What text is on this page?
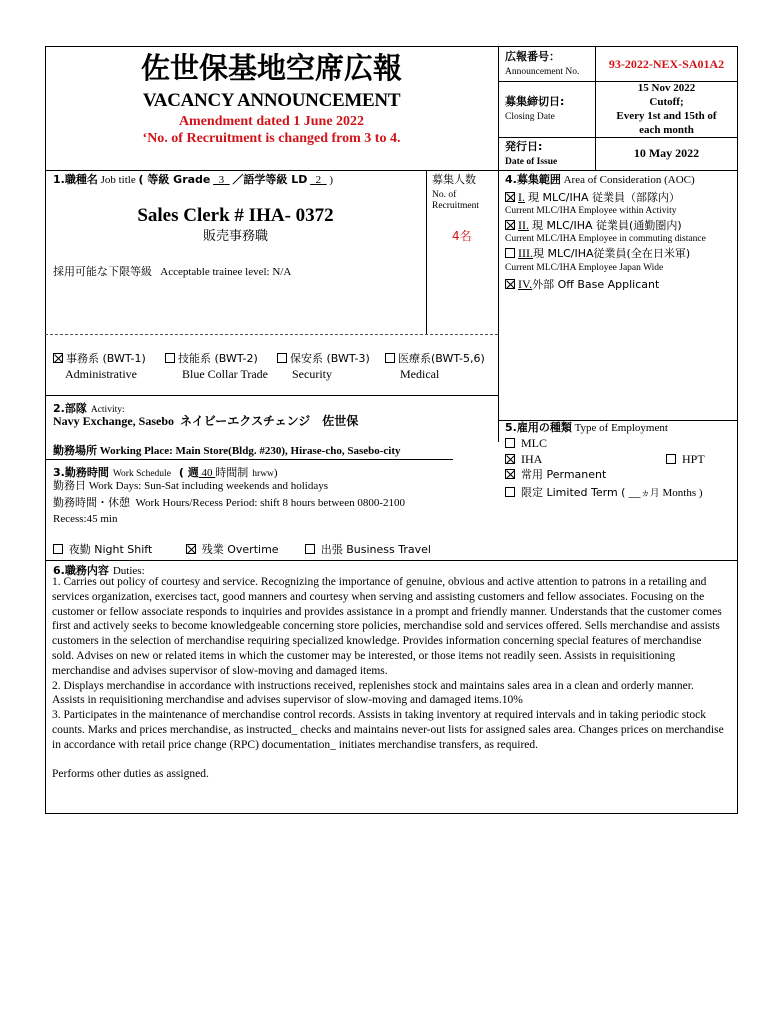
佐世保基地空席広報
VACANCY ANNOUNCEMENT
Amendment dated 1 June 2022
‘No. of Recruitment is changed from 3 to 4.
広報番号：
Announcement No.
93-2022-NEX-SA01A2
募集締切日:
Closing Date
15 Nov 2022
Cutoff;
Every 1st and 15th of
each month
発行日:
Date of Issue
10 May 2022
1.職種名 Job title ( 等級 Grade 3 ／語学等級 LD 2 )
Sales Clerk # IHA- 0372
販売事務職
採用可能な下限等級 Acceptable trainee level: N/A
募集人数
No. of
Recruitment
4名
4.募集範囲 Area of Consideration (AOC)
I. 現 MLC/IHA 従業員（部隊内）
Current MLC/IHA Employee within Activity
II. 現 MLC/IHA 従業員(通勤圏内)
Current MLC/IHA Employee in commuting distance
III.現 MLC/IHA従業員(全在日米軍)
Current MLC/IHA Employee Japan Wide
IV.外部 Off Base Applicant
事務系 (BWT-1)
Administrative
技能系 (BWT-2)
Blue Collar Trade
保安系 (BWT-3)
Security
医療系(BWT-5,6)
Medical
2.部隊 Activity:
Navy Exchange, Sasebo ネイビーエクスチェンジ　佐世保
勤務場所 Working Place: Main Store(Bldg. #230), Hirase-cho, Sasebo-city
3.勤務時間 Work Schedule ( 週 40 時間制 hrww)
勤務日 Work Days: Sun-Sat including weekends and holidays
勤務時間・休憩 Work Hours/Recess Period: shift 8 hours between 0800-2100
Recess:45 min
夜勤 Night Shift	残業 Overtime	出張 Business Travel
5.雇用の種類 Type of Employment
MLC
IHA	HPT
常用 Permanent
限定 Limited Term ( __ヵ月 Months )
6.職務内容 Duties:

1. Carries out policy of courtesy and service. Recognizing the importance of genuine, obvious and active attention to patrons in a retailing and services organization, exercises tact, good manners and courtesy when serving and assisting customers and fellow associates. Focusing on the customer or fellow associate responds to inquiries and provides assistance in a prompt and friendly manner. Understands that the customer comes first and actively seeks to become knowledgeable concerning store policies, merchandise sold and services offered. Sells merchandise and assists customers in the selection of merchandise requiring specialized knowledge. Provides information concerning special features of merchandise sold. Advises on new or related items in which the customer may be interested, or those items not readily seen. Assists in requisitioning merchandise and advises supervisor of slow-moving and damaged items.

2. Displays merchandise in accordance with instructions received, replenishes stock and maintains sales area in a clean and orderly manner. Assists in requisitioning merchandise and advises supervisor of slow-moving and damaged items.10%

3. Participates in the maintenance of merchandise control records. Assists in taking inventory at required intervals and in taking periodic stock counts. Marks and prices merchandise, as instructed_ checks and maintains never-out lists for assigned sales area. Changes prices on merchandise in accordance with retail price change (RPC) documentation_ initiates merchandise transfers, as required.

Performs other duties as assigned.
